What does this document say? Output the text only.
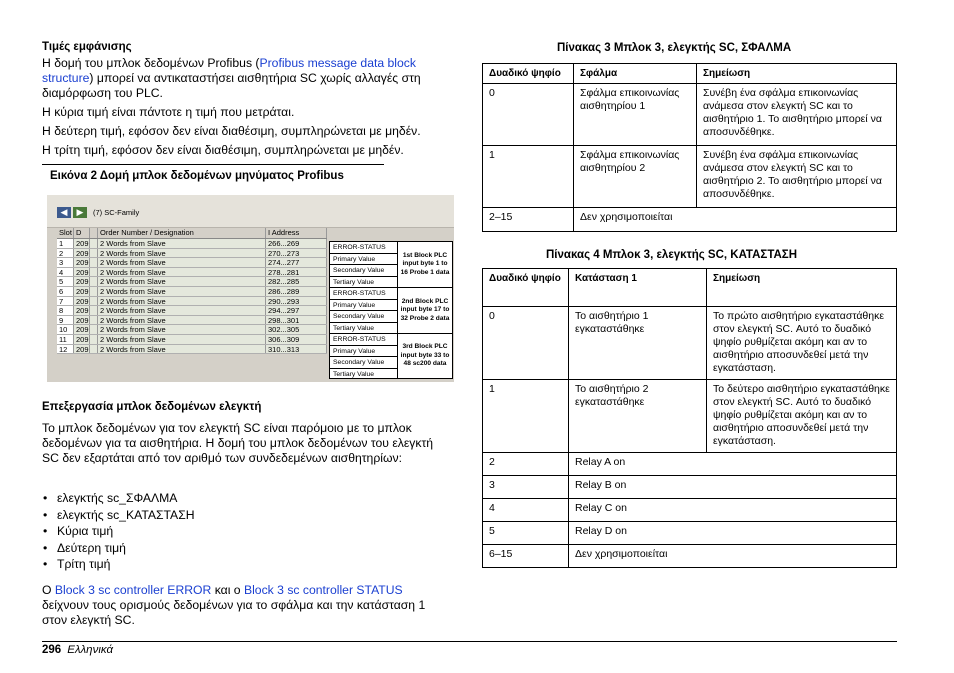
Τιμές εμφάνισης
Η δομή του μπλοκ δεδομένων Profibus (Profibus message data block structure) μπορεί να αντικαταστήσει αισθητήρια SC χωρίς αλλαγές στη διαμόρφωση του PLC.
Η κύρια τιμή είναι πάντοτε η τιμή που μετράται.
Η δεύτερη τιμή, εφόσον δεν είναι διαθέσιμη, συμπληρώνεται με μηδέν.
Η τρίτη τιμή, εφόσον δεν είναι διαθέσιμη, συμπληρώνεται με μηδέν.
Εικόνα 2 Δομή μπλοκ δεδομένων μηνύματος Profibus
◀	▶	(7) SC-Family
Slot D	Order Number / Designation	I Address
1	209 2 Words from Slave	266...269
2	209 2 Words from Slave	270...273
3	209 2 Words from Slave	274...277
4	209 2 Words from Slave	278...281
5	209 2 Words from Slave	282...285
6	209 2 Words from Slave	286...289
7	209 2 Words from Slave	290...293
8	209 2 Words from Slave	294...297
9	209 2 Words from Slave	298...301
10	209 2 Words from Slave	302...305
11	209 2 Words from Slave	306...309
12	209 2 Words from Slave	310...313
ERROR-STATUS
Primary Value
Secondary Value
Tertiary Value
1st Block PLC input byte 1 to 16 Probe 1 data
ERROR-STATUS
Primary Value
Secondary Value
Tertiary Value
2nd Block PLC input byte 17 to 32 Probe 2 data
ERROR-STATUS
Primary Value
Secondary Value
Tertiary Value
3rd Block PLC input byte 33 to 48 sc200 data
Επεξεργασία μπλοκ δεδομένων ελεγκτή
Το μπλοκ δεδομένων για τον ελεγκτή SC είναι παρόμοιο με το μπλοκ δεδομένων για τα αισθητήρια. Η δομή του μπλοκ δεδομένων του ελεγκτή SC δεν εξαρτάται από τον αριθμό των συνδεδεμένων αισθητηρίων:
• ελεγκτής sc_ΣΦΑΛΜΑ
• ελεγκτής sc_ΚΑΤΑΣΤΑΣΗ
• Κύρια τιμή
• Δεύτερη τιμή
• Τρίτη τιμή
Ο Block 3 sc controller ERROR και ο Block 3 sc controller STATUS δείχνουν τους ορισμούς δεδομένων για το σφάλμα και την κατάσταση 1 στον ελεγκτή SC.
Πίνακας 3 Μπλοκ 3, ελεγκτής SC, ΣΦΑΛΜΑ
Δυαδικό ψηφίο	Σφάλμα	Σημείωση
0	Σφάλμα επικοινωνίας αισθητηρίου 1	Συνέβη ένα σφάλμα επικοινωνίας ανάμεσα στον ελεγκτή SC και το αισθητήριο 1. Το αισθητήριο μπορεί να αποσυνδέθηκε.
1	Σφάλμα επικοινωνίας αισθητηρίου 2	Συνέβη ένα σφάλμα επικοινωνίας ανάμεσα στον ελεγκτή SC και το αισθητήριο 2. Το αισθητήριο μπορεί να αποσυνδέθηκε.
2–15	Δεν χρησιμοποιείται	
Πίνακας 4 Μπλοκ 3, ελεγκτής SC, ΚΑΤΑΣΤΑΣΗ
Δυαδικό ψηφίο	Κατάσταση 1	Σημείωση
0	Το αισθητήριο 1 εγκαταστάθηκε	Το πρώτο αισθητήριο εγκαταστάθηκε στον ελεγκτή SC. Αυτό το δυαδικό ψηφίο ρυθμίζεται ακόμη και αν το αισθητήριο αποσυνδεθεί μετά την εγκατάσταση.
1	Το αισθητήριο 2 εγκαταστάθηκε	Το δεύτερο αισθητήριο εγκαταστάθηκε στον ελεγκτή SC. Αυτό το δυαδικό ψηφίο ρυθμίζεται ακόμη και αν το αισθητήριο αποσυνδεθεί μετά την εγκατάσταση.
2	Relay A on	
3	Relay B on	
4	Relay C on	
5	Relay D on	
6–15	Δεν χρησιμοποιείται	
296 Ελληνικά
